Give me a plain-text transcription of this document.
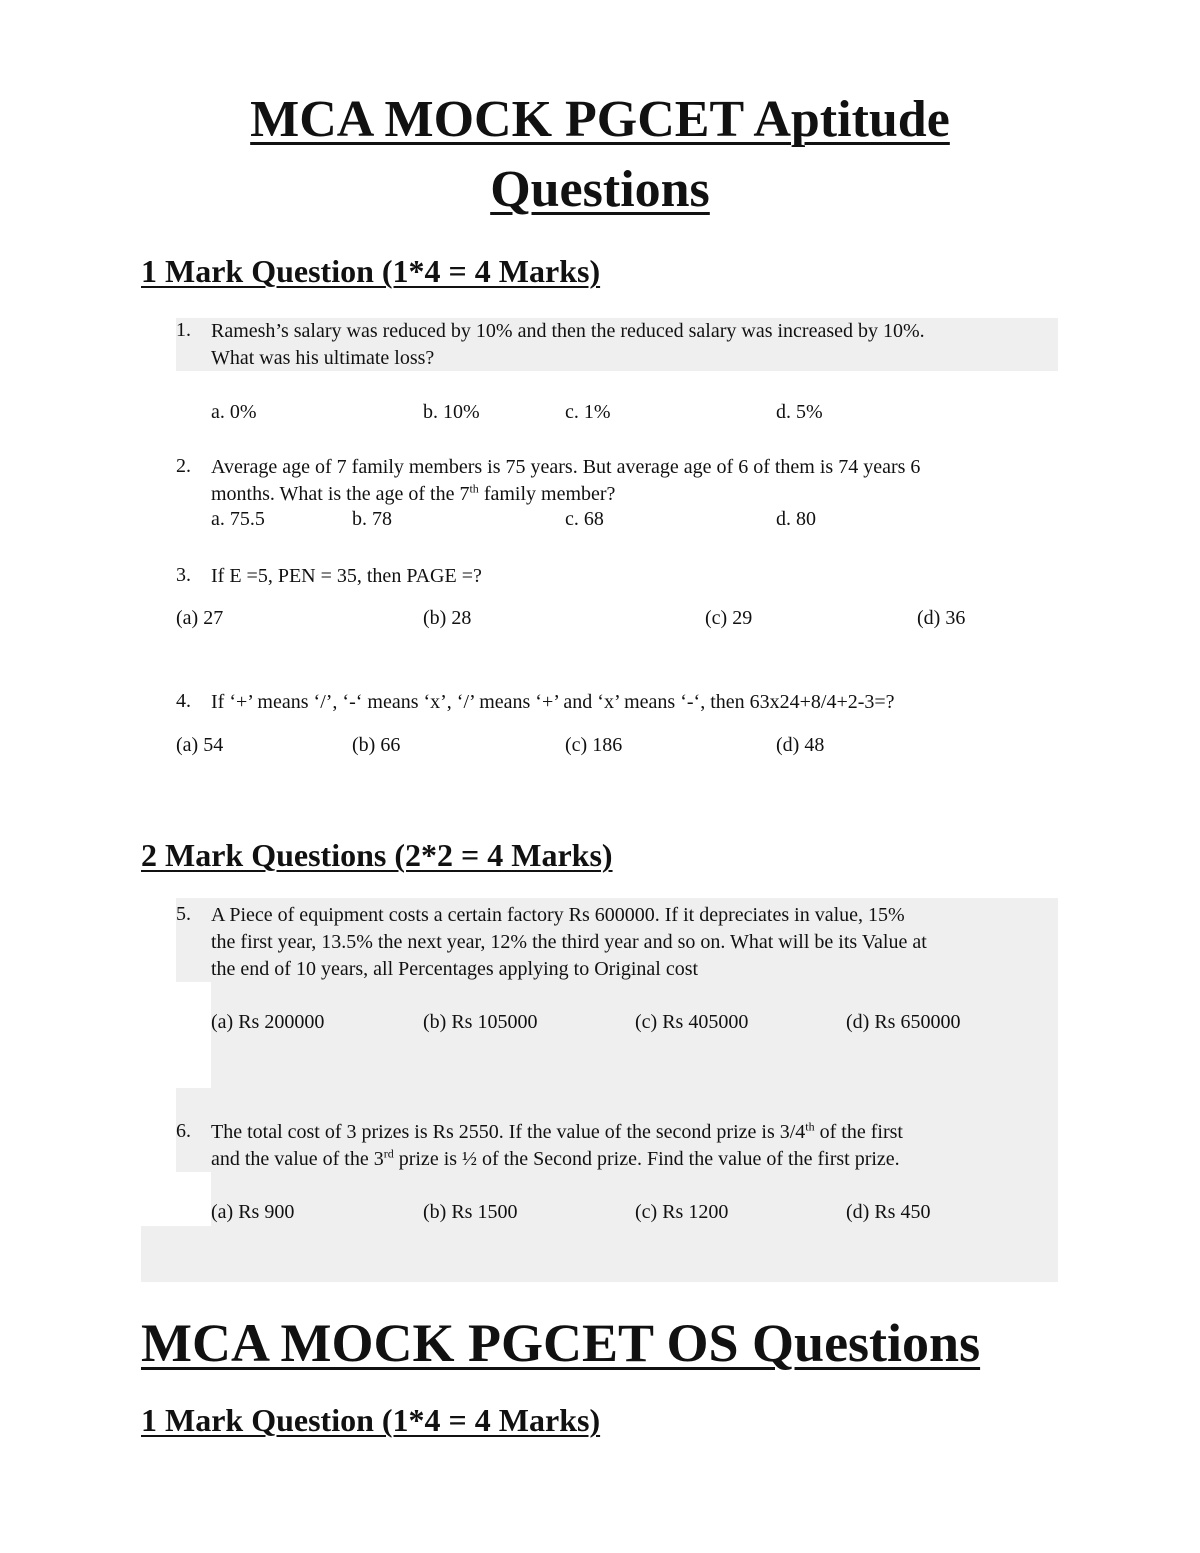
MCA MOCK PGCET Aptitude
Questions
1 Mark Question (1*4 = 4 Marks)
1. Ramesh’s salary was reduced by 10% and then the reduced salary was increased by 10%.
What was his ultimate loss?
a. 0%	b. 10%	c. 1%	d. 5%
2. Average age of 7 family members is 75 years. But average age of 6 of them is 74 years 6
months. What is the age of the 7th family member?
a. 75.5	b. 78	c. 68	d. 80
3. If E =5, PEN = 35, then PAGE =?
(a) 27	(b) 28	(c) 29	(d) 36
4. If ‘+’ means ‘/’, ‘-‘ means ‘x’, ‘/’ means ‘+’ and ‘x’ means ‘-‘, then 63x24+8/4+2-3=?
(a) 54	(b) 66	(c) 186	(d) 48
2 Mark Questions (2*2 = 4 Marks)
5. A Piece of equipment costs a certain factory Rs 600000. If it depreciates in value, 15%
the first year, 13.5% the next year, 12% the third year and so on. What will be its Value at
the end of 10 years, all Percentages applying to Original cost
(a) Rs 200000	(b) Rs 105000	(c) Rs 405000	(d) Rs 650000
6. The total cost of 3 prizes is Rs 2550. If the value of the second prize is 3/4th of the first
and the value of the 3rd prize is ½ of the Second prize. Find the value of the first prize.
(a) Rs 900	(b) Rs 1500	(c) Rs 1200	(d) Rs 450
MCA MOCK PGCET OS Questions
1 Mark Question (1*4 = 4 Marks)
